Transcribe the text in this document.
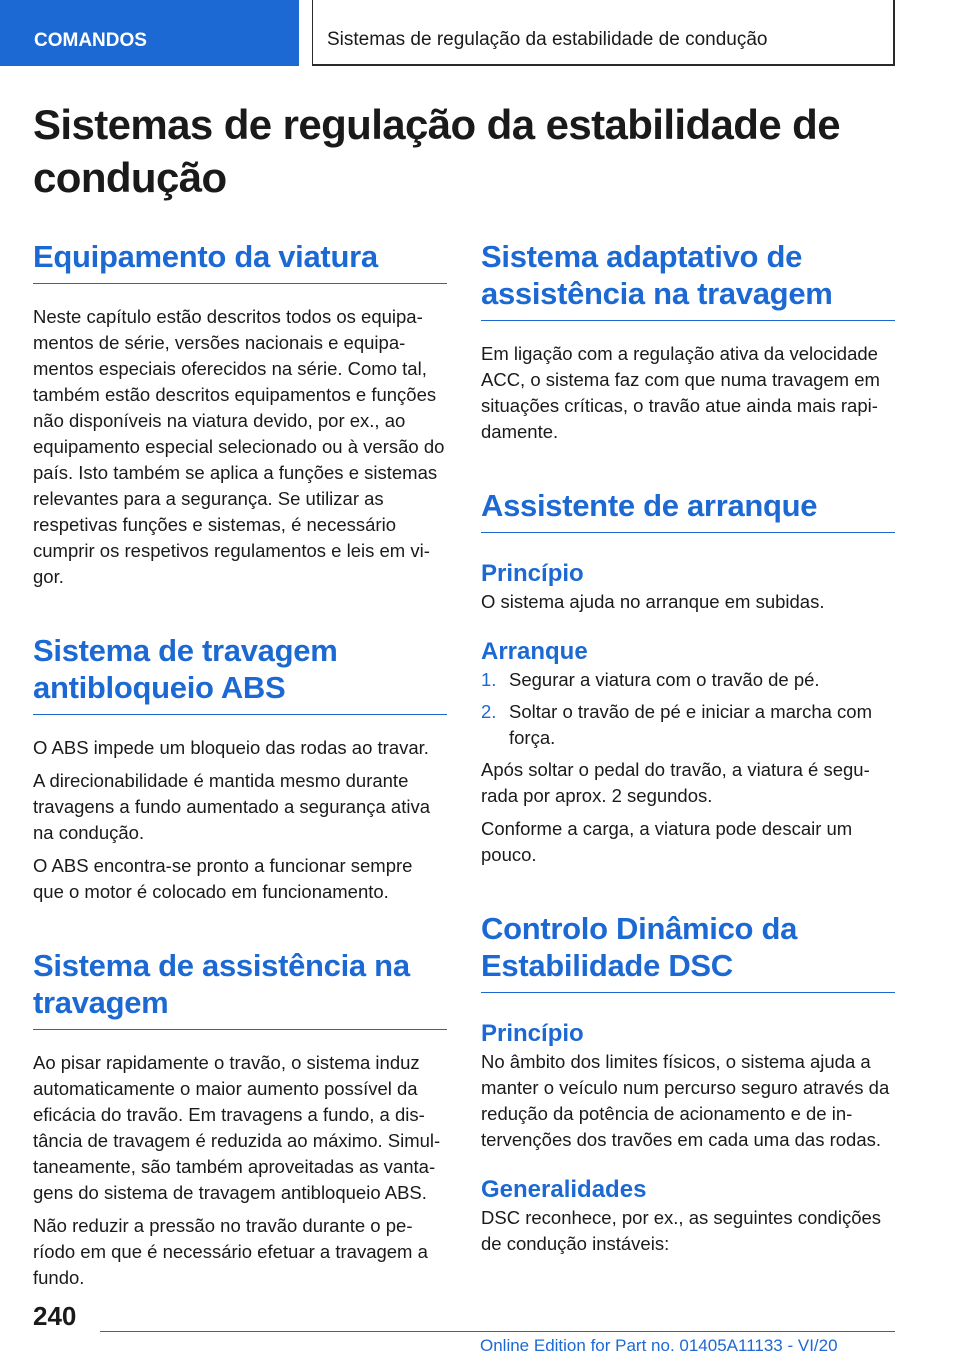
COMANDOS	Sistemas de regulação da estabilidade de condução
Sistemas de regulação da estabilidade de condução
Equipamento da viatura

Neste capítulo estão descritos todos os equipamentos de série, versões nacionais e equipamentos especiais oferecidos na série. Como tal, também estão descritos equipamentos e funções não disponíveis na viatura devido, por ex., ao equipamento especial selecionado ou à versão do país. Isto também se aplica a funções e sistemas relevantes para a segurança. Se utilizar as respetivas funções e sistemas, é necessário cumprir os respetivos regulamentos e leis em vigor.

Sistema de travagem antibloqueio ABS

O ABS impede um bloqueio das rodas ao travar.

A direcionabilidade é mantida mesmo durante travagens a fundo aumentado a segurança ativa na condução.

O ABS encontra-se pronto a funcionar sempre que o motor é colocado em funcionamento.

Sistema de assistência na travagem

Ao pisar rapidamente o travão, o sistema induz automaticamente o maior aumento possível da eficácia do travão. Em travagens a fundo, a distância de travagem é reduzida ao máximo. Simultaneamente, são também aproveitadas as vantagens do sistema de travagem antibloqueio ABS.

Não reduzir a pressão no travão durante o período em que é necessário efetuar a travagem a fundo.

Sistema adaptativo de assistência na travagem

Em ligação com a regulação ativa da velocidade ACC, o sistema faz com que numa travagem em situações críticas, o travão atue ainda mais rapidamente.

Assistente de arranque
Princípio

O sistema ajuda no arranque em subidas.

Arranque
1. Segurar a viatura com o travão de pé.
2. Soltar o travão de pé e iniciar a marcha com força.

Após soltar o pedal do travão, a viatura é segurada por aprox. 2 segundos.

Conforme a carga, a viatura pode descair um pouco.

Controlo Dinâmico da Estabilidade DSC
Princípio

No âmbito dos limites físicos, o sistema ajuda a manter o veículo num percurso seguro através da redução da potência de acionamento e de intervenções dos travões em cada uma das rodas.

Generalidades

DSC reconhece, por ex., as seguintes condições de condução instáveis:

240
Online Edition for Part no. 01405A11133 - VI/20
